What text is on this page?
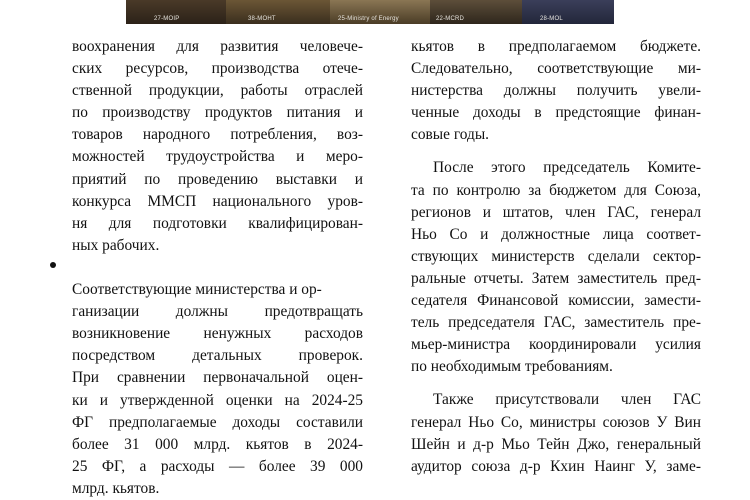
27-MOIP	38-MOHT	25-Ministry of Energy	22-MCRD	28-MOL
воохранения для развития человече-
ских ресурсов, производства отече-
ственной продукции, работы отраслей
по производству продуктов питания и
товаров народного потребления, воз-
можностей трудоустройства и меро-
приятий по проведению выставки и
конкурса ММСП национального уров-
ня для подготовки квалифицирован-
ных рабочих.
Соответствующие министерства и ор-
ганизации должны предотвращать
возникновение ненужных расходов
посредством детальных проверок.
При сравнении первоначальной оцен-
ки и утвержденной оценки на 2024-25
ФГ предполагаемые доходы составили
более 31 000 млрд. кьятов в 2024-
25 ФГ, а расходы — более 39 000
млрд. кьятов.
кьятов в предполагаемом бюджете.
Следовательно, соответствующие ми-
нистерства должны получить увели-
ченные доходы в предстоящие финан-
совые годы.
После этого председатель Комите-
та по контролю за бюджетом для Союза,
регионов и штатов, член ГАС, генерал
Ньо Со и должностные лица соответ-
ствующих министерств сделали сектор-
ральные отчеты. Затем заместитель пред-
седателя Финансовой комиссии, замести-
тель председателя ГАС, заместитель пре-
мьер-министра координировали усилия
по необходимым требованиям.
Также присутствовали член ГАС
генерал Ньо Со, министры союзов У Вин
Шейн и д-р Мьо Тейн Джо, генеральный
аудитор союза д-р Кхин Наинг У, заме-
